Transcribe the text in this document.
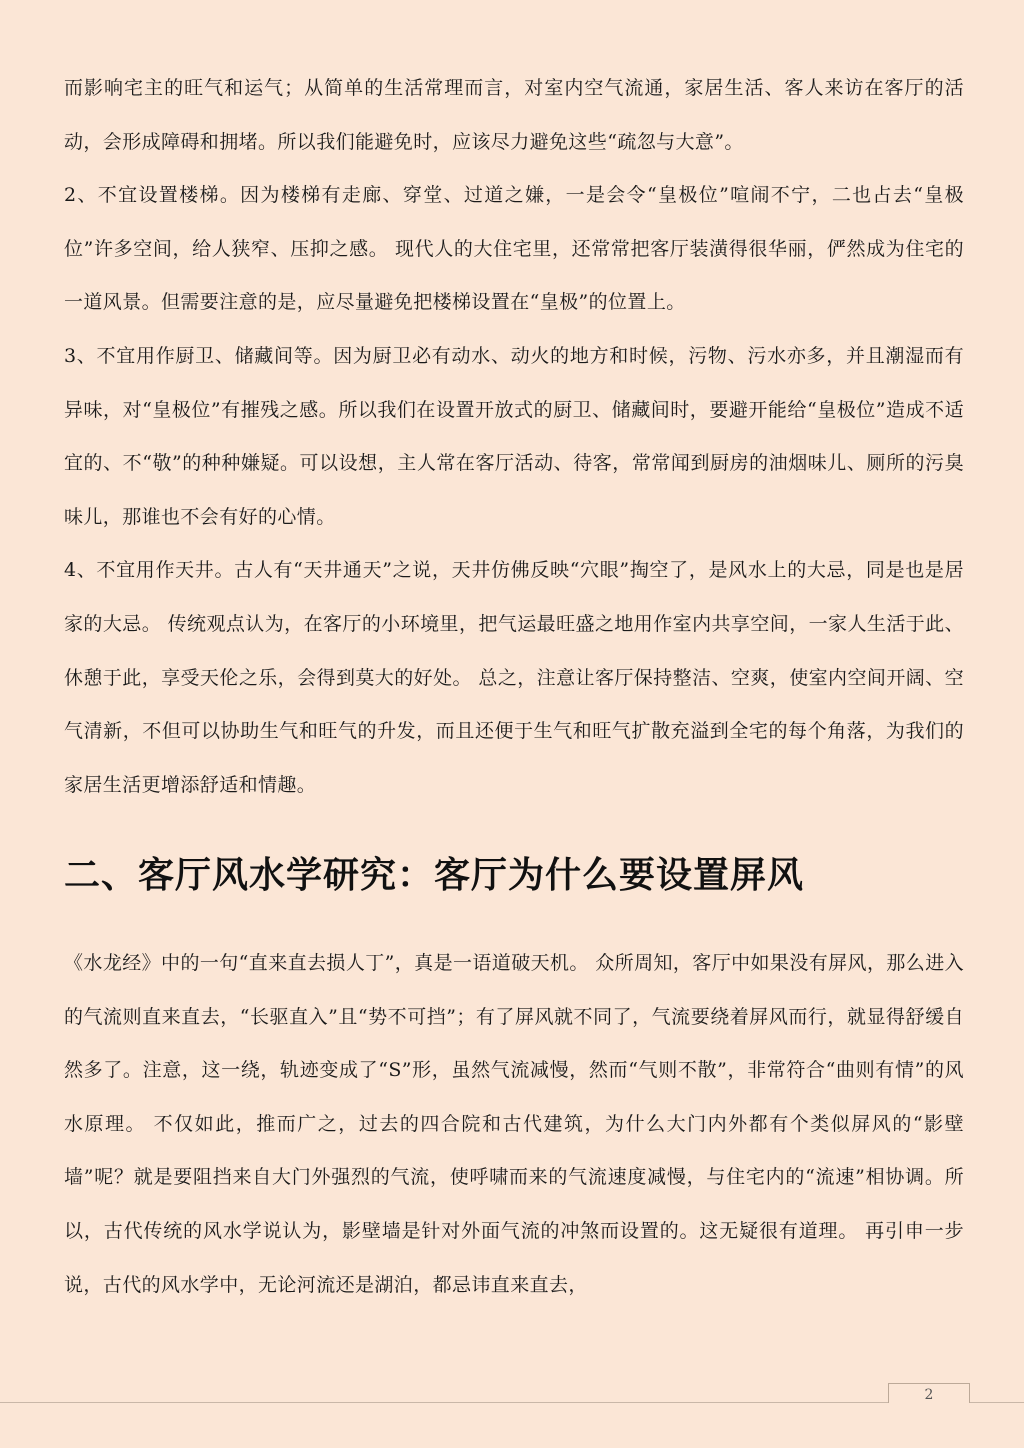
而影响宅主的旺气和运气；从简单的生活常理而言，对室内空气流通，家居生活、客人来访在客厅的活动，会形成障碍和拥堵。所以我们能避免时，应该尽力避免这些“疏忽与大意”。

2、不宜设置楼梯。因为楼梯有走廊、穿堂、过道之嫌，一是会令“皇极位”喧闹不宁，二也占去“皇极位”许多空间，给人狭窄、压抑之感。 现代人的大住宅里，还常常把客厅装潢得很华丽，俨然成为住宅的一道风景。但需要注意的是，应尽量避免把楼梯设置在“皇极”的位置上。

3、不宜用作厨卫、储藏间等。因为厨卫必有动水、动火的地方和时候，污物、污水亦多，并且潮湿而有异味，对“皇极位”有摧残之感。所以我们在设置开放式的厨卫、储藏间时，要避开能给“皇极位”造成不适宜的、不“敬”的种种嫌疑。可以设想，主人常在客厅活动、待客，常常闻到厨房的油烟味儿、厕所的污臭味儿，那谁也不会有好的心情。

4、不宜用作天井。古人有“天井通天”之说，天井仿佛反映“穴眼”掏空了，是风水上的大忌，同是也是居家的大忌。 传统观点认为，在客厅的小环境里，把气运最旺盛之地用作室内共享空间，一家人生活于此、休憩于此，享受天伦之乐，会得到莫大的好处。 总之，注意让客厅保持整洁、空爽，使室内空间开阔、空气清新，不但可以协助生气和旺气的升发，而且还便于生气和旺气扩散充溢到全宅的每个角落，为我们的家居生活更增添舒适和情趣。

二、客厅风水学研究：客厅为什么要设置屏风

《水龙经》中的一句“直来直去损人丁”，真是一语道破天机。 众所周知，客厅中如果没有屏风，那么进入的气流则直来直去，“长驱直入”且“势不可挡”；有了屏风就不同了，气流要绕着屏风而行，就显得舒缓自然多了。注意，这一绕，轨迹变成了“S”形，虽然气流减慢，然而“气则不散”，非常符合“曲则有情”的风水原理。 不仅如此，推而广之，过去的四合院和古代建筑，为什么大门内外都有个类似屏风的“影壁墙”呢？就是要阻挡来自大门外强烈的气流，使呼啸而来的气流速度减慢，与住宅内的“流速”相协调。所以，古代传统的风水学说认为，影壁墙是针对外面气流的冲煞而设置的。这无疑很有道理。 再引申一步说，古代的风水学中，无论河流还是湖泊，都忌讳直来直去，

2
